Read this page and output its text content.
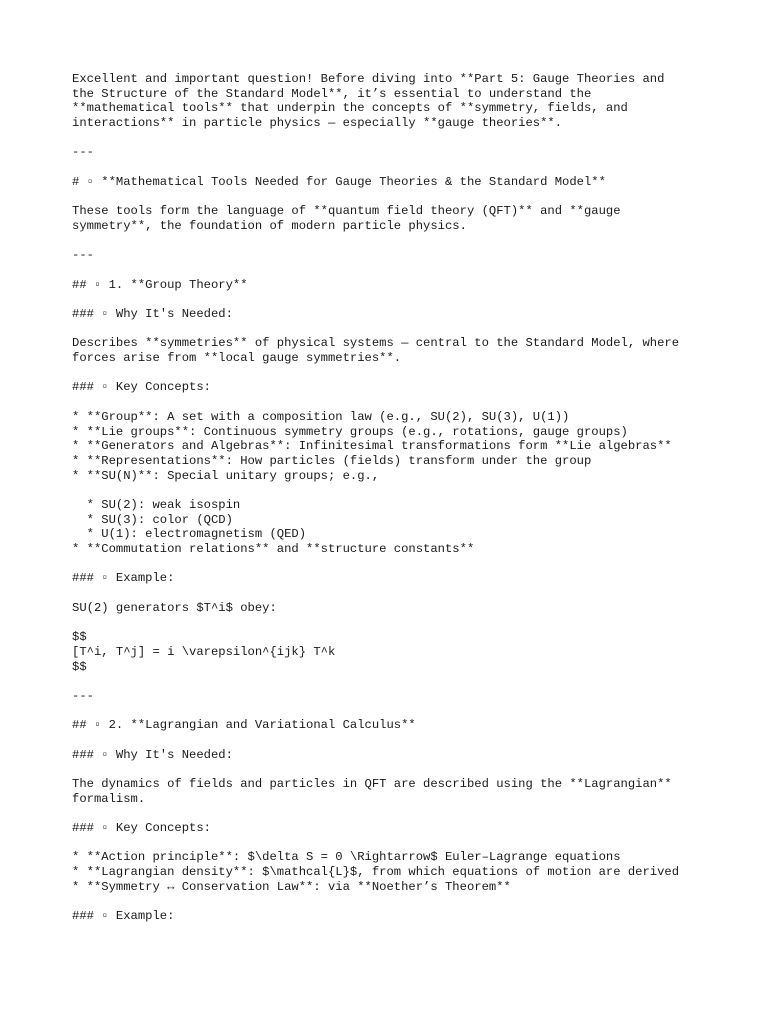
Excellent and important question! Before diving into **Part 5: Gauge Theories and
the Structure of the Standard Model**, it’s essential to understand the
**mathematical tools** that underpin the concepts of **symmetry, fields, and
interactions** in particle physics — especially **gauge theories**.
---
# ▫ **Mathematical Tools Needed for Gauge Theories & the Standard Model**
These tools form the language of **quantum field theory (QFT)** and **gauge
symmetry**, the foundation of modern particle physics.
---
## ▫ 1. **Group Theory**
### ▫ Why It's Needed:
Describes **symmetries** of physical systems — central to the Standard Model, where
forces arise from **local gauge symmetries**.
### ▫ Key Concepts:
* **Group**: A set with a composition law (e.g., SU(2), SU(3), U(1))
* **Lie groups**: Continuous symmetry groups (e.g., rotations, gauge groups)
* **Generators and Algebras**: Infinitesimal transformations form **Lie algebras**
* **Representations**: How particles (fields) transform under the group
* **SU(N)**: Special unitary groups; e.g.,
* SU(2): weak isospin
* SU(3): color (QCD)
* U(1): electromagnetism (QED)
* **Commutation relations** and **structure constants**
### ▫ Example:
SU(2) generators $T^i$ obey:
$$
[T^i, T^j] = i \varepsilon^{ijk} T^k
$$
---
## ▫ 2. **Lagrangian and Variational Calculus**
### ▫ Why It's Needed:
The dynamics of fields and particles in QFT are described using the **Lagrangian**
formalism.
### ▫ Key Concepts:
* **Action principle**: $\delta S = 0 \Rightarrow$ Euler–Lagrange equations
* **Lagrangian density**: $\mathcal{L}$, from which equations of motion are derived
* **Symmetry ↔ Conservation Law**: via **Noether’s Theorem**
### ▫ Example:
